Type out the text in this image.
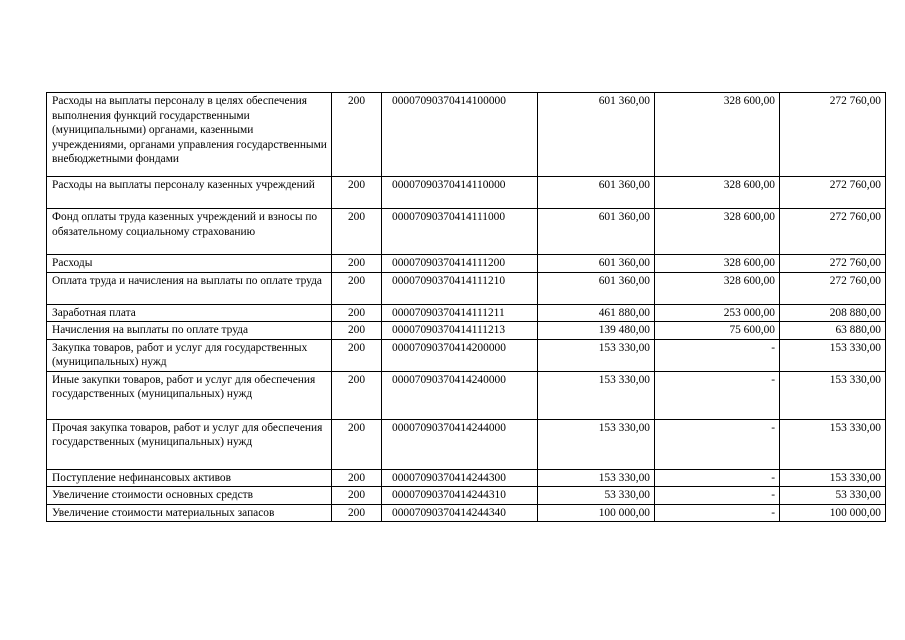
Расходы на выплаты персоналу в целях обеспечения выполнения функций государственными (муниципальными) органами, казенными учреждениями, органами управления государственными внебюджетными фондами	200	00007090370414100000	601 360,00	328 600,00	272 760,00
Расходы на выплаты персоналу казенных учреждений	200	00007090370414110000	601 360,00	328 600,00	272 760,00
Фонд оплаты труда казенных учреждений и взносы по обязательному социальному страхованию	200	00007090370414111000	601 360,00	328 600,00	272 760,00
Расходы	200	00007090370414111200	601 360,00	328 600,00	272 760,00
Оплата труда и начисления на выплаты по оплате труда	200	00007090370414111210	601 360,00	328 600,00	272 760,00
Заработная плата	200	00007090370414111211	461 880,00	253 000,00	208 880,00
Начисления на выплаты по оплате труда	200	00007090370414111213	139 480,00	75 600,00	63 880,00
Закупка товаров, работ и услуг для государственных (муниципальных) нужд	200	00007090370414200000	153 330,00	-	153 330,00
Иные закупки товаров, работ и услуг для обеспечения государственных (муниципальных) нужд	200	00007090370414240000	153 330,00	-	153 330,00
Прочая закупка товаров, работ и услуг для обеспечения государственных (муниципальных) нужд	200	00007090370414244000	153 330,00	-	153 330,00
Поступление нефинансовых активов	200	00007090370414244300	153 330,00	-	153 330,00
Увеличение стоимости основных средств	200	00007090370414244310	53 330,00	-	53 330,00
Увеличение стоимости материальных запасов	200	00007090370414244340	100 000,00	-	100 000,00
